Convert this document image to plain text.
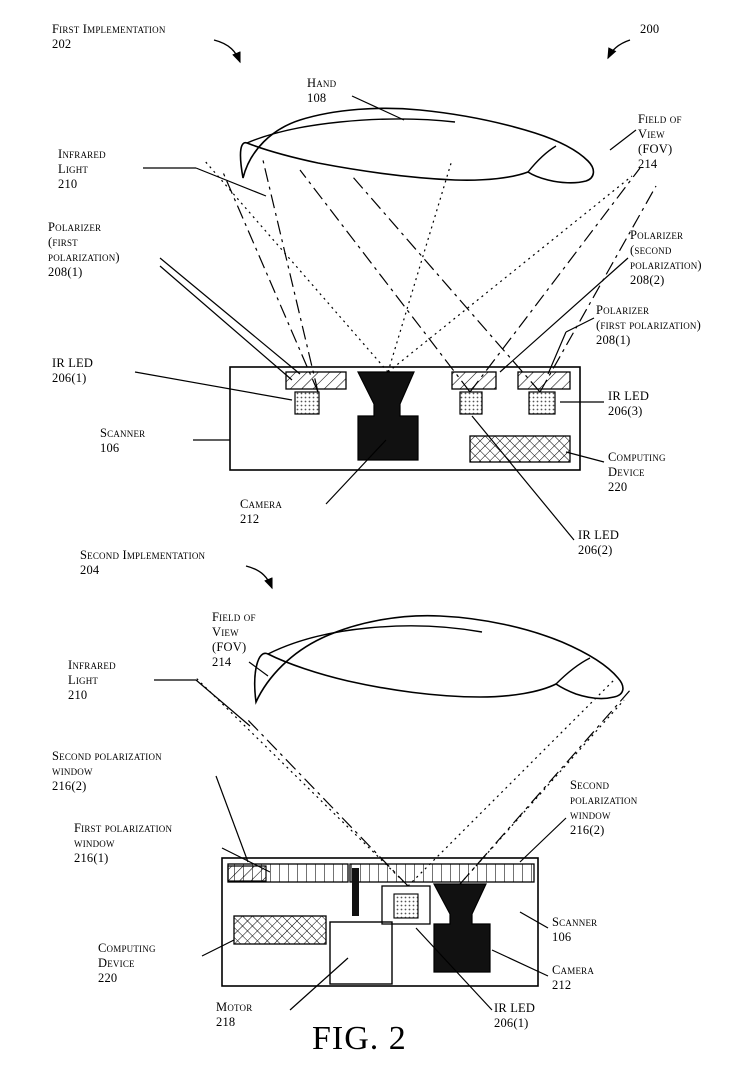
First Implementation
202
200
Hand
108
Field of
View
(FOV)
214
Infrared
Light
210
Polarizer
(first
polarization)
208(1)
Polarizer
(second
polarization)
208(2)
Polarizer
(first polarization)
208(1)
IR LED
206(1)
IR LED
206(3)
Scanner
106
Computing
Device
220
Camera
212
IR LED
206(2)
Second Implementation
204
Field of
View
(FOV)
214
Infrared
Light
210
Second polarization
window
216(2)	Second
polarization
window
216(2)
First polarization
window
216(1)
Scanner
106
Computing
Device
220
Camera
212
Motor
218
IR LED
206(1)
FIG. 2
